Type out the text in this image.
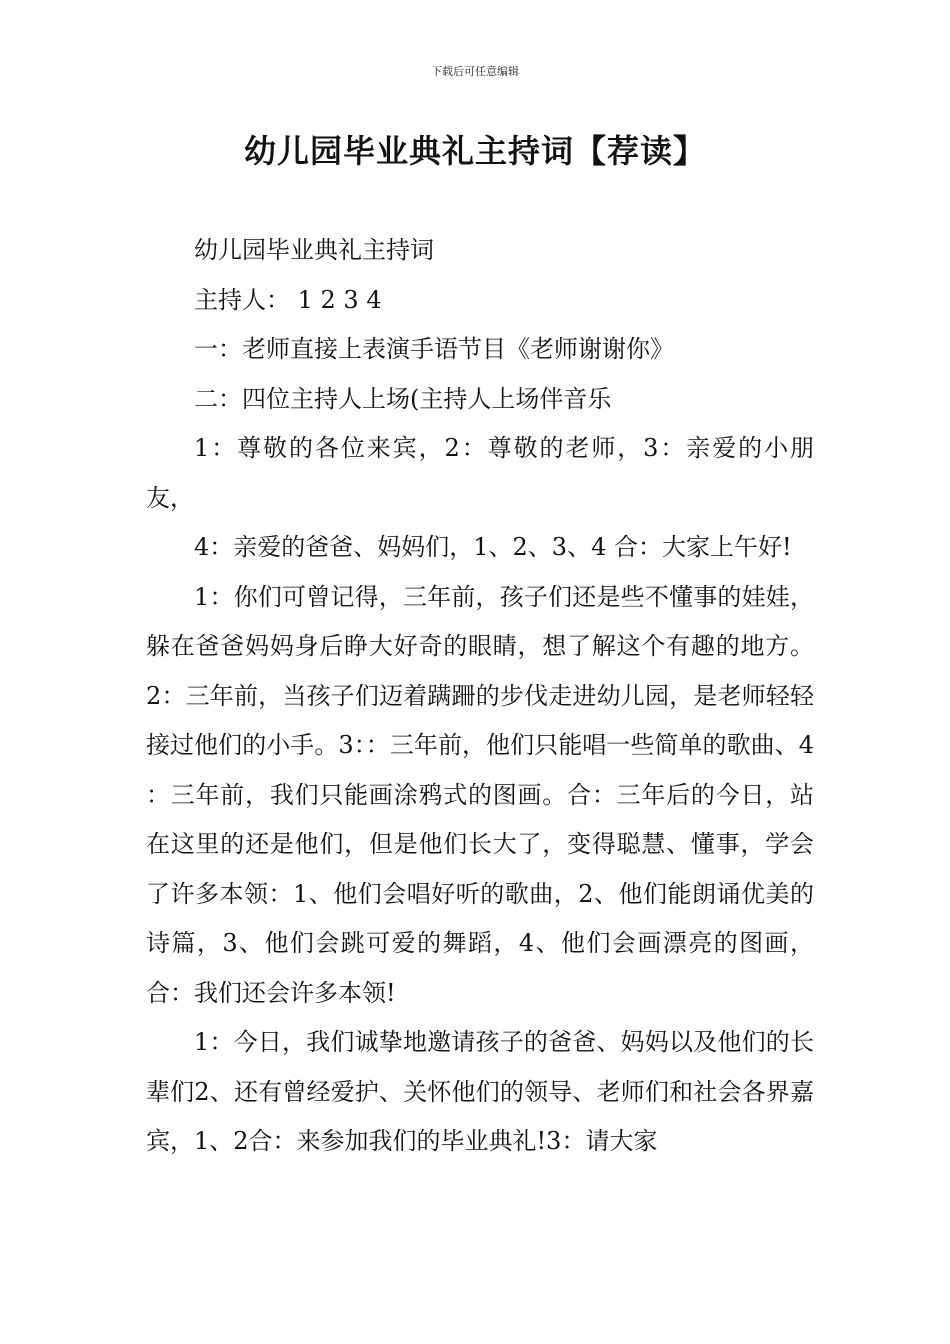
下载后可任意编辑
幼儿园毕业典礼主持词【荐读】

幼儿园毕业典礼主持词

主持人： 1 2 3 4

一：老师直接上表演手语节目《老师谢谢你》

二：四位主持人上场(主持人上场伴音乐

1：尊敬的各位来宾，2：尊敬的老师，3：亲爱的小朋友，

4：亲爱的爸爸、妈妈们，1、2、3、4 合：大家上午好!

1：你们可曾记得，三年前，孩子们还是些不懂事的娃娃，躲在爸爸妈妈身后睁大好奇的眼睛，想了解这个有趣的地方。2：三年前，当孩子们迈着蹒跚的步伐走进幼儿园，是老师轻轻接过他们的小手。3：：三年前，他们只能唱一些简单的歌曲、4 ：三年前，我们只能画涂鸦式的图画。合：三年后的今日，站在这里的还是他们，但是他们长大了，变得聪慧、懂事，学会了许多本领：1、他们会唱好听的歌曲，2、他们能朗诵优美的诗篇，3、他们会跳可爱的舞蹈，4、他们会画漂亮的图画，合：我们还会许多本领!

1：今日，我们诚挚地邀请孩子的爸爸、妈妈以及他们的长辈们2、还有曾经爱护、关怀他们的领导、老师们和社会各界嘉宾，1、2合：来参加我们的毕业典礼!3：请大家
